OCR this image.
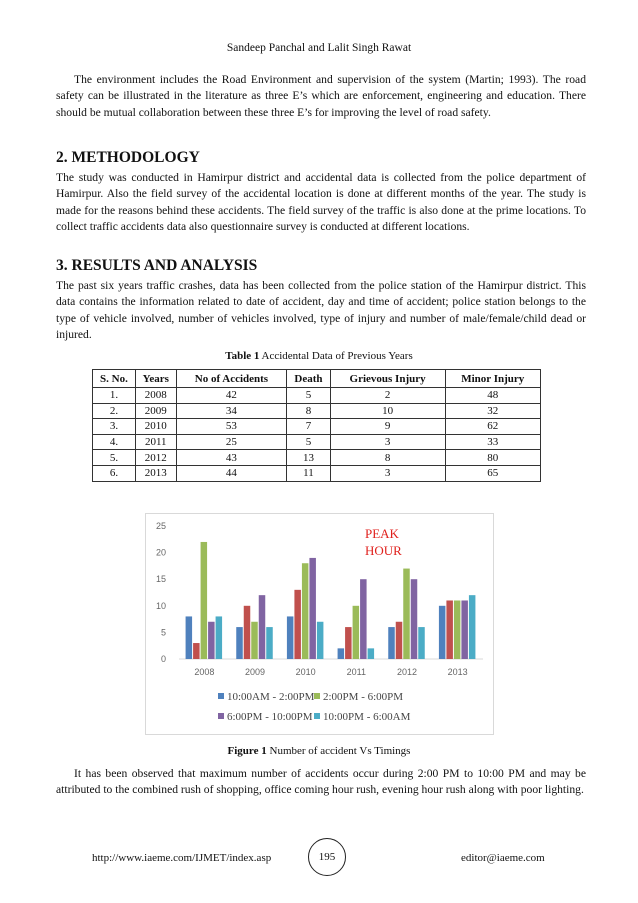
Sandeep Panchal and Lalit Singh Rawat

The environment includes the Road Environment and supervision of the system (Martin; 1993). The road safety can be illustrated in the literature as three E’s which are enforcement, engineering and education. There should be mutual collaboration between these three E’s for improving the level of road safety.

2. METHODOLOGY

The study was conducted in Hamirpur district and accidental data is collected from the police department of Hamirpur. Also the field survey of the accidental location is done at different months of the year. The study is made for the reasons behind these accidents. The field survey of the traffic is also done at the prime locations. To collect traffic accidents data also questionnaire survey is conducted at different locations.

3. RESULTS AND ANALYSIS

The past six years traffic crashes, data has been collected from the police station of the Hamirpur district. This data contains the information related to date of accident, day and time of accident; police station belongs to the type of vehicle involved, number of vehicles involved, type of injury and number of male/female/child dead or injured.

Table 1 Accidental Data of Previous Years
S. No.	Years	No of Accidents	Death	Grievous Injury	Minor Injury
1.	2008	42	5	2	48
2.	2009	34	8	10	32
3.	2010	53	7	9	62
4.	2011	25	5	3	33
5.	2012	43	13	8	80
6.	2013	44	11	3	65
0
5
10
15
20
25
2008	2009	2010	2011	2012	2013
PEAK
HOUR
10:00AM - 2:00PM 2:00PM - 6:00PM
6:00PM - 10:00PM 10:00PM - 6:00AM
Figure 1 Number of accident Vs Timings

It has been observed that maximum number of accidents occur during 2:00 PM to 10:00 PM and may be attributed to the combined rush of shopping, office coming hour rush, evening hour rush along with poor lighting.

http://www.iaeme.com/IJMET/index.asp	195	editor@iaeme.com
